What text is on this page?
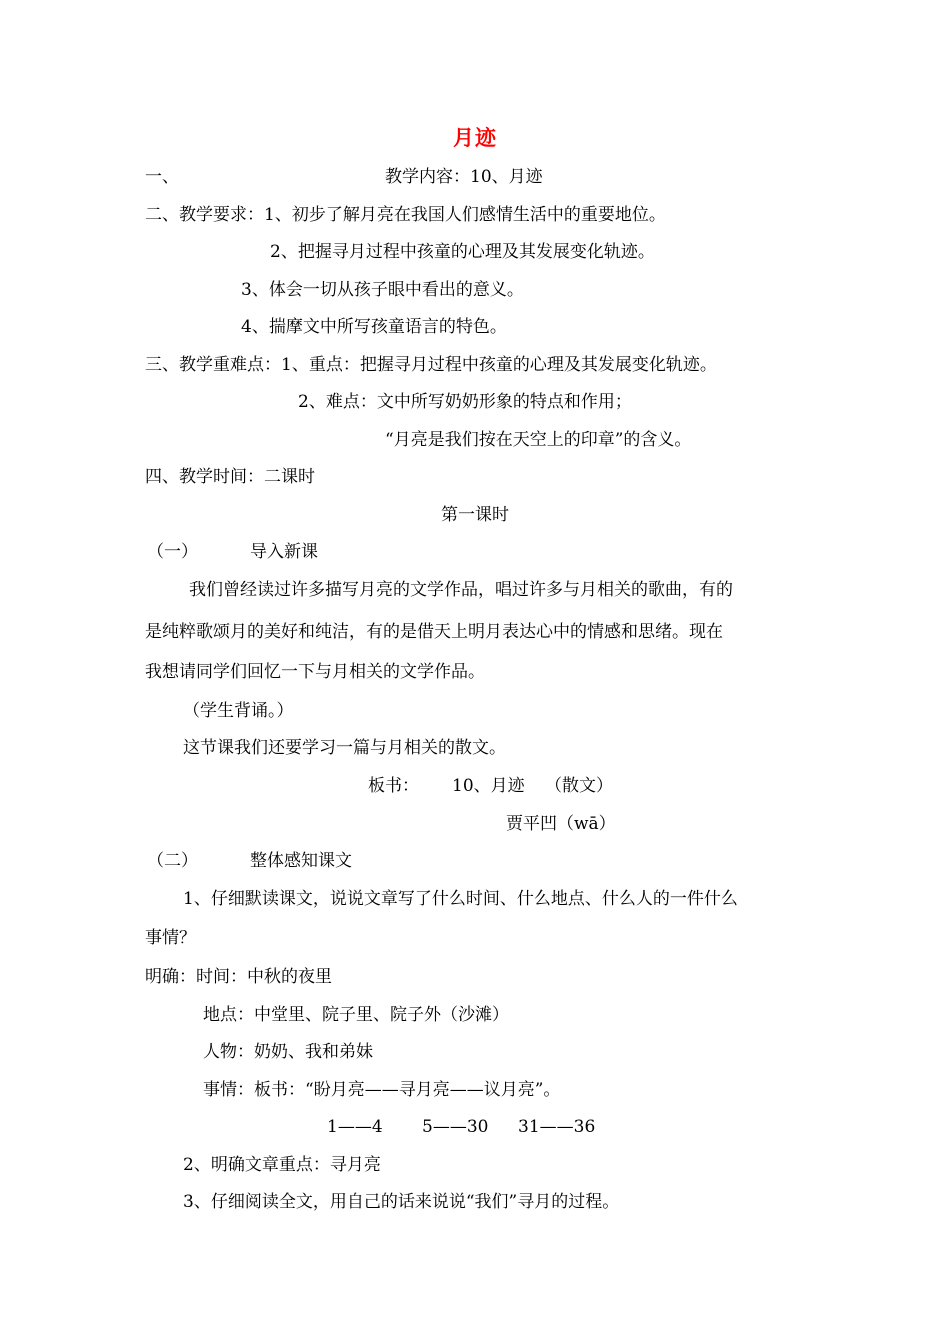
月迹
一、	教学内容：10、月迹
二、教学要求：1、初步了解月亮在我国人们感情生活中的重要地位。
2、把握寻月过程中孩童的心理及其发展变化轨迹。
3、体会一切从孩子眼中看出的意义。
4、揣摩文中所写孩童语言的特色。
三、教学重难点：1、重点：把握寻月过程中孩童的心理及其发展变化轨迹。
2、难点：文中所写奶奶形象的特点和作用；
“月亮是我们按在天空上的印章”的含义。
四、教学时间：二课时
第一课时
（一）	导入新课
我们曾经读过许多描写月亮的文学作品，唱过许多与月相关的歌曲，有的
是纯粹歌颂月的美好和纯洁，有的是借天上明月表达心中的情感和思绪。现在
我想请同学们回忆一下与月相关的文学作品。
（学生背诵。）
这节课我们还要学习一篇与月相关的散文。
板书： 10、月迹 （散文）
贾平凹（wā）
（二）	整体感知课文
1、仔细默读课文，说说文章写了什么时间、什么地点、什么人的一件什么
事情？
明确：时间：中秋的夜里
地点：中堂里、院子里、院子外（沙滩）
人物：奶奶、我和弟妹
事情：板书：“盼月亮——寻月亮——议月亮”。
1——4 5——30 31——36
2、明确文章重点：寻月亮
3、仔细阅读全文，用自己的话来说说“我们”寻月的过程。
